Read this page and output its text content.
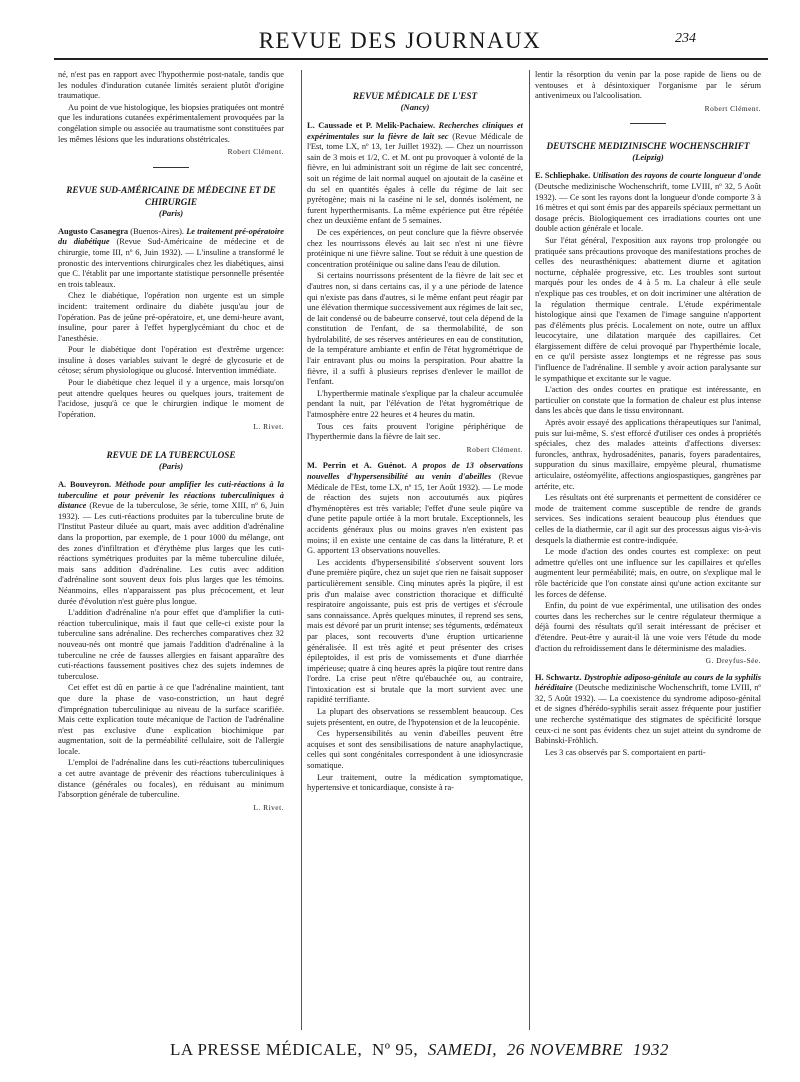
REVUE DES JOURNAUX	234

né, n'est pas en rapport avec l'hypothermie post-natale, tandis que les nodules d'induration cutanée limités seraient plutôt d'origine traumatique.

Au point de vue histologique, les biopsies pratiquées ont montré que les indurations cutanées expérimentalement provoquées par la congélation simple ou associée au traumatisme sont constituées par les mêmes lésions que les indurations obstétricales.

Robert Clément.
REVUE SUD-AMÉRICAINE DE MÉDECINE ET DE CHIRURGIE
(Paris)

Augusto Casanegra (Buenos-Aires). Le traitement pré-opératoire du diabétique (Revue Sud-Américaine de médecine et de chirurgie, tome III, nº 6, Juin 1932). — L'insuline a transformé le pronostic des interventions chirurgicales chez les diabétiques, ainsi que C. l'établit par une importante statistique personnelle présentée en trois tableaux.

Chez le diabétique, l'opération non urgente est un simple incident: traitement ordinaire du diabète jusqu'au jour de l'opération. Pas de jeûne pré-opératoire, et, une demi-heure avant, insuline, pour parer à l'effet hyperglycémiant du choc et de l'anesthésie.

Pour le diabétique dont l'opération est d'extrême urgence: insuline à doses variables suivant le degré de glycosurie et de cétose; sérum physiologique ou glucosé. Intervention immédiate.

Pour le diabétique chez lequel il y a urgence, mais lorsqu'on peut attendre quelques heures ou quelques jours, traitement de l'acidose, jusqu'à ce que le chirurgien indique le moment de l'opération.

L. Rivet.
REVUE DE LA TUBERCULOSE
(Paris)

A. Bouveyron. Méthode pour amplifier les cuti-réactions à la tuberculine et pour prévenir les réactions tuberculiniques à distance (Revue de la tuberculose, 3e série, tome XIII, nº 6, Juin 1932). — Les cuti-réactions produites par la tuberculine brute de l'Institut Pasteur diluée au quart, mais avec addition d'adrénaline dans la proportion, par exemple, de 1 pour 1000 du mélange, ont des zones d'infiltration et d'érythème plus larges que les cuti-réactions symétriques produites par la même tuberculine diluée, mais sans addition d'adrénaline. Les cutis avec addition d'adrénaline sont souvent deux fois plus larges que les témoins. Néanmoins, elles n'apparaissent pas plus précocement, et leur durée d'évolution n'est guère plus longue.

L'addition d'adrénaline n'a pour effet que d'amplifier la cuti-réaction tuberculinique, mais il faut que celle-ci existe pour la tuberculine sans adrénaline. Des recherches comparatives chez 32 nouveau-nés ont montré que jamais l'addition d'adrénaline à la tuberculine ne crée de fausses allergies en faisant apparaître des cuti-réactions faussement positives chez des sujets indemnes de tuberculose.

Cet effet est dû en partie à ce que l'adrénaline maintient, tant que dure la phase de vaso-constriction, un haut degré d'imprégnation tuberculinique au niveau de la surface scarifiée. Mais cette explication toute mécanique de l'action de l'adrénaline n'est pas exclusive d'une explication biochimique par augmentation, soit de la perméabilité cellulaire, soit de l'allergie locale.

L'emploi de l'adrénaline dans les cuti-réactions tuberculiniques a cet autre avantage de prévenir des réactions tuberculiniques à distance (générales ou focales), en réduisant au minimum l'absorption générale de tuberculine.

L. Rivet.
REVUE MÉDICALE DE L'EST
(Nancy)

L. Caussade et P. Melik-Pachaiew. Recherches cliniques et expérimentales sur la fièvre de lait sec (Revue Médicale de l'Est, tome LX, nº 13, 1er Juillet 1932). — Chez un nourrisson sain de 3 mois et 1/2, C. et M. ont pu provoquer à volonté de la fièvre, en lui administrant soit un régime de lait sec concentré, soit un régime de lait normal auquel on ajoutait de la caséine et du sel en quantités égales à celle du régime de lait sec pyrétogène; mais ni la caséine ni le sel, donnés isolément, ne furent hyperthermisants. La même expérience put être répétée chez un deuxième enfant de 5 semaines.

De ces expériences, on peut conclure que la fièvre observée chez les nourrissons élevés au lait sec n'est ni une fièvre protéinique ni une fièvre saline. Tout se réduit à une question de concentration protéinique ou saline dans l'eau de dilution.

Si certains nourrissons présentent de la fièvre de lait sec et d'autres non, si dans certains cas, il y a une période de latence qui n'existe pas dans d'autres, si le même enfant peut réagir par une élévation thermique successivement aux régimes de lait sec, de lait condensé ou de babeurre conservé, tout cela dépend de la constitution de l'enfant, de sa thermolabilité, de son hydrolabilité, de ses réserves antérieures en eau de constitution, de la température ambiante et enfin de l'état hygrométrique de l'air entravant plus ou moins la perspiration. Pour abattre la fièvre, il a suffi à plusieurs reprises d'enlever le maillot de l'enfant.

L'hyperthermie matinale s'explique par la chaleur accumulée pendant la nuit, par l'élévation de l'état hygrométrique de l'atmosphère entre 22 heures et 4 heures du matin.

Tous ces faits prouvent l'origine périphérique de l'hyperthermie dans la fièvre de lait sec.

Robert Clément.

M. Perrin et A. Guénot. A propos de 13 observations nouvelles d'hypersensibilité au venin d'abeilles (Revue Médicale de l'Est, tome LX, nº 15, 1er Août 1932). — Le mode de réaction des sujets non accoutumés aux piqûres d'hyménoptères est très variable; l'effet d'une seule piqûre va d'une petite papule ortiée à la mort brutale. Exceptionnels, les accidents généraux plus ou moins graves n'en existent pas moins; il en existe une centaine de cas dans la littérature, P. et G. apportent 13 observations nouvelles.

Les accidents d'hypersensibilité s'observent souvent lors d'une première piqûre, chez un sujet que rien ne faisait supposer particulièrement sensible. Cinq minutes après la piqûre, il est pris d'un malaise avec constriction thoracique et difficulté respiratoire angoissante, puis est pris de vertiges et s'écroule sans connaissance. Après quelques minutes, il reprend ses sens, mais est dévoré par un prurit intense; ses téguments, œdémateux par places, sont recouverts d'une éruption urticarienne généralisée. Il est très agité et peut présenter des crises épileptoïdes, il est pris de vomissements et d'une diarrhée impérieuse; quatre à cinq heures après la piqûre tout rentre dans l'ordre. La crise peut n'être qu'ébauchée ou, au contraire, l'intoxication est si brutale que la mort survient avec une rapidité terrifiante.

La plupart des observations se ressemblent beaucoup. Ces sujets présentent, en outre, de l'hypotension et de la leucopénie.

Ces hypersensibilités au venin d'abeilles peuvent être acquises et sont des sensibilisations de nature anaphylactique, celles qui sont congénitales correspondent à une idiosyncrasie somatique.

Leur traitement, outre la médication symptomatique, hypertensive et tonicardiaque, consiste à ra-

lentir la résorption du venin par la pose rapide de liens ou de ventouses et à désintoxiquer l'organisme par le sérum antivenimeux ou l'alcoolisation.

Robert Clément.
DEUTSCHE MEDIZINISCHE WOCHENSCHRIFT
(Leipzig)

E. Schliephake. Utilisation des rayons de courte longueur d'onde (Deutsche medizinische Wochenschrift, tome LVIII, nº 32, 5 Août 1932). — Ce sont les rayons dont la longueur d'onde comporte 3 à 16 mètres et qui sont émis par des appareils spéciaux permettant un dosage précis. Biologiquement ces irradiations courtes ont une double action générale et locale.

Sur l'état général, l'exposition aux rayons trop prolongée ou pratiquée sans précautions provoque des manifestations proches de celles des neurasthéniques: abattement diurne et agitation nocturne, céphalée progressive, etc. Les troubles sont surtout marqués pour les ondes de 4 à 5 m. La chaleur à elle seule n'explique pas ces troubles, et on doit incriminer une altération de la régulation thermique centrale. L'étude expérimentale histologique ainsi que l'examen de l'image sanguine n'apportent pas d'éléments plus précis. Localement on note, outre un afflux leucocytaire, une dilatation marquée des capillaires. Cet élargissement diffère de celui provoqué par l'hyperthémie locale, en ce qu'il persiste assez longtemps et ne régresse pas sous l'influence de l'adrénaline. Il semble y avoir action paralysante sur le sympathique et excitante sur le vague.

L'action des ondes courtes en pratique est intéressante, en particulier on constate que la formation de chaleur est plus intense dans les abcès que dans le tissu environnant.

Après avoir essayé des applications thérapeutiques sur l'animal, puis sur lui-même, S. s'est efforcé d'utiliser ces ondes à propriétés spéciales, chez des malades atteints d'affections diverses: furoncles, anthrax, hydrosadénites, panaris, foyers paradentaires, suppuration du sinus maxillaire, empyème pleural, rhumatisme articulaire, ostéomyélite, affections angiospastiques, gangrènes par artérite, etc.

Les résultats ont été surprenants et permettent de considérer ce mode de traitement comme susceptible de rendre de grands services. Ses indications seraient beaucoup plus étendues que celles de la diathermie, car il agit sur des processus aigus vis-à-vis desquels la diathermie est contre-indiquée.

Le mode d'action des ondes courtes est complexe: on peut admettre qu'elles ont une influence sur les capillaires et qu'elles augmentent leur perméabilité; mais, en outre, on s'explique mal le rôle bactéricide que l'on constate ainsi qu'une action excitante sur les forces de défense.

Enfin, du point de vue expérimental, une utilisation des ondes courtes dans les recherches sur le centre régulateur thermique a déjà fourni des résultats qu'il serait intéressant de préciser et d'étendre. Peut-être y aurait-il là une voie vers l'étude du mode d'action du refroidissement dans le déterminisme des maladies.

G. Dreyfus-Sée.

H. Schwartz. Dystrophie adiposo-génitale au cours de la syphilis héréditaire (Deutsche medizinische Wochenschrift, tome LVIII, nº 32, 5 Août 1932). — La coexistence du syndrome adiposo-génital et de signes d'hérédo-syphilis serait assez fréquente pour justifier une recherche systématique des stigmates de spécificité lorsque ceux-ci ne sont pas évidents chez un sujet atteint du syndrome de Babinski-Fröhlich.

Les 3 cas observés par S. comportaient en parti-

LA PRESSE MÉDICALE, Nº 95, SAMEDI, 26 NOVEMBRE 1932
